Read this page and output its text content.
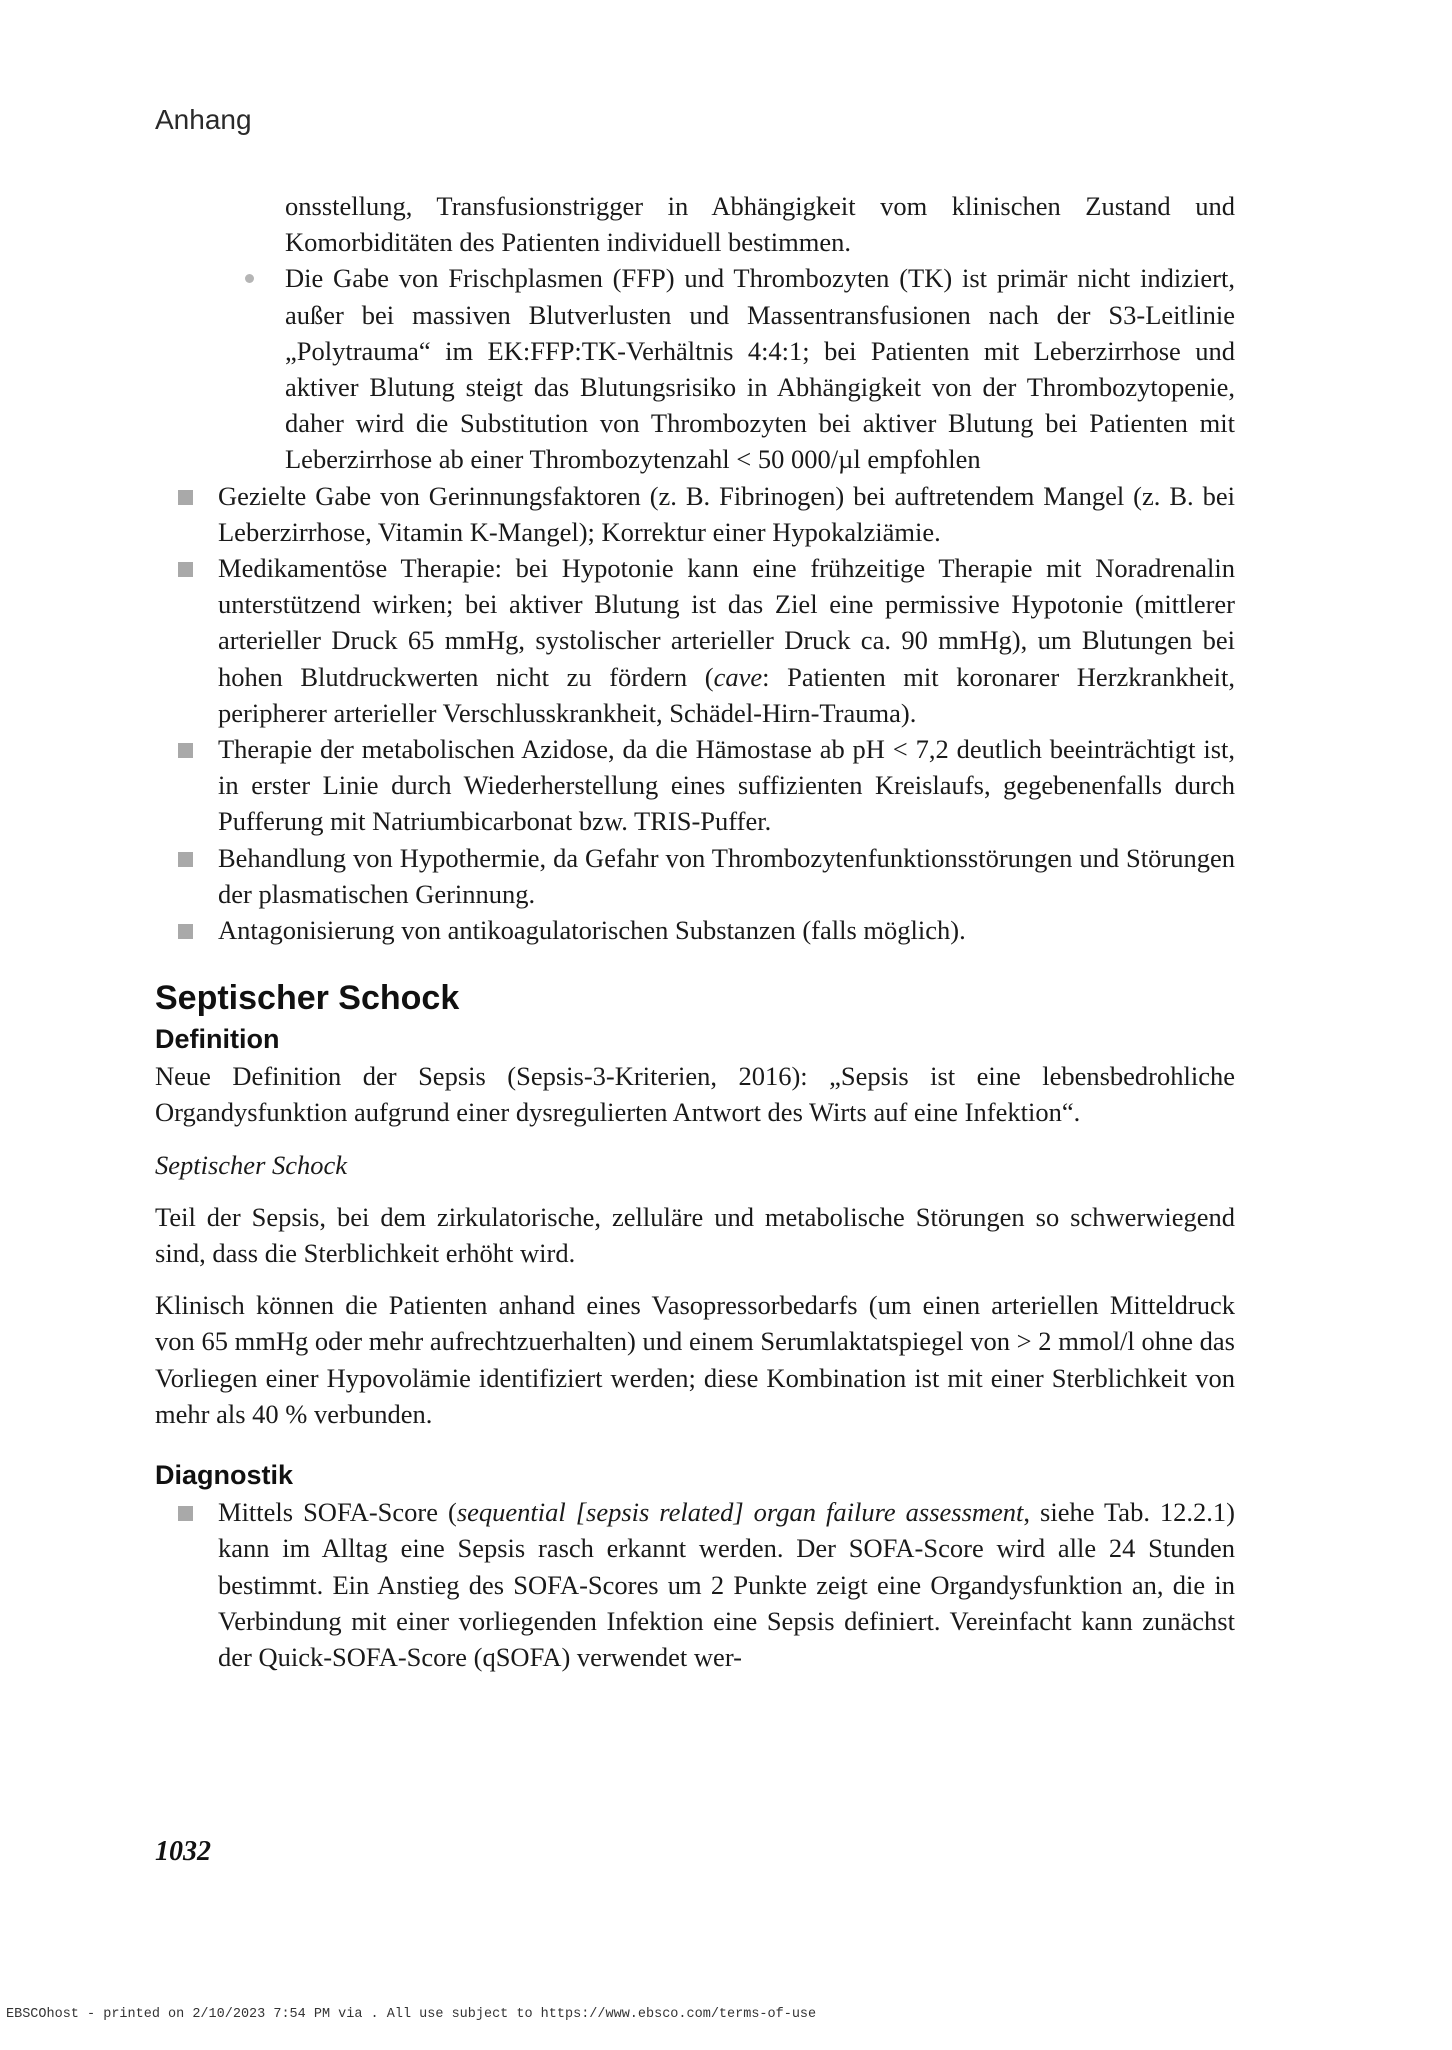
Anhang

onsstellung, Transfusionstrigger in Abhängigkeit vom klinischen Zustand und Komorbiditäten des Patienten individuell bestimmen.

Die Gabe von Frischplasmen (FFP) und Thrombozyten (TK) ist primär nicht indiziert, außer bei massiven Blutverlusten und Massentransfusionen nach der S3-Leitlinie „Polytrauma“ im EK:FFP:TK-Verhältnis 4:4:1; bei Patienten mit Leberzirrhose und aktiver Blutung steigt das Blutungsrisiko in Abhängigkeit von der Thrombozytopenie, daher wird die Substitution von Thrombozyten bei aktiver Blutung bei Patienten mit Leberzirrhose ab einer Thrombozytenzahl < 50 000/µl empfohlen

Gezielte Gabe von Gerinnungsfaktoren (z. B. Fibrinogen) bei auftretendem Mangel (z. B. bei Leberzirrhose, Vitamin K-Mangel); Korrektur einer Hypokalziämie.

Medikamentöse Therapie: bei Hypotonie kann eine frühzeitige Therapie mit Noradrenalin unterstützend wirken; bei aktiver Blutung ist das Ziel eine permissive Hypotonie (mittlerer arterieller Druck 65 mmHg, systolischer arterieller Druck ca. 90 mmHg), um Blutungen bei hohen Blutdruckwerten nicht zu fördern (cave: Patienten mit koronarer Herzkrankheit, peripherer arterieller Verschlusskrankheit, Schädel-Hirn-Trauma).

Therapie der metabolischen Azidose, da die Hämostase ab pH < 7,2 deutlich beeinträchtigt ist, in erster Linie durch Wiederherstellung eines suffizienten Kreislaufs, gegebenenfalls durch Pufferung mit Natriumbicarbonat bzw. TRIS-Puffer.

Behandlung von Hypothermie, da Gefahr von Thrombozytenfunktionsstörungen und Störungen der plasmatischen Gerinnung.

Antagonisierung von antikoagulatorischen Substanzen (falls möglich).

Septischer Schock
Definition

Neue Definition der Sepsis (Sepsis-3-Kriterien, 2016): „Sepsis ist eine lebensbedrohliche Organdysfunktion aufgrund einer dysregulierten Antwort des Wirts auf eine Infektion“.

Septischer Schock

Teil der Sepsis, bei dem zirkulatorische, zelluläre und metabolische Störungen so schwerwiegend sind, dass die Sterblichkeit erhöht wird.

Klinisch können die Patienten anhand eines Vasopressorbedarfs (um einen arteriellen Mitteldruck von 65 mmHg oder mehr aufrechtzuerhalten) und einem Serumlaktatspiegel von > 2 mmol/l ohne das Vorliegen einer Hypovolämie identifiziert werden; diese Kombination ist mit einer Sterblichkeit von mehr als 40 % verbunden.

Diagnostik

Mittels SOFA-Score (sequential [sepsis related] organ failure assessment, siehe Tab. 12.2.1) kann im Alltag eine Sepsis rasch erkannt werden. Der SOFA-Score wird alle 24 Stunden bestimmt. Ein Anstieg des SOFA-Scores um 2 Punkte zeigt eine Organdysfunktion an, die in Verbindung mit einer vorliegenden Infektion eine Sepsis definiert. Vereinfacht kann zunächst der Quick-SOFA-Score (qSOFA) verwendet wer-

1032
EBSCOhost - printed on 2/10/2023 7:54 PM via . All use subject to https://www.ebsco.com/terms-of-use
